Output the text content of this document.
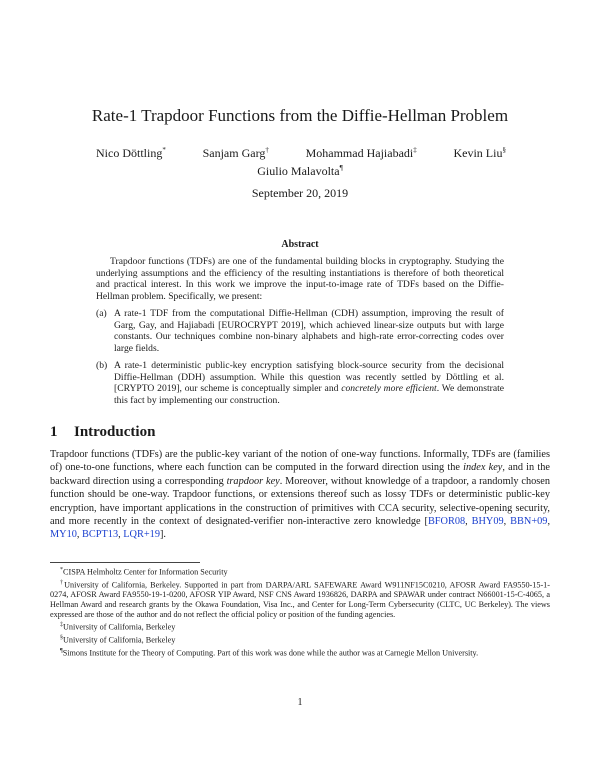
Rate-1 Trapdoor Functions from the Diffie-Hellman Problem
Nico Döttling*	Sanjam Garg†	Mohammad Hajiabadi‡	Kevin Liu§
Giulio Malavolta¶
September 20, 2019
Abstract

Trapdoor functions (TDFs) are one of the fundamental building blocks in cryptography. Studying the underlying assumptions and the efficiency of the resulting instantiations is therefore of both theoretical and practical interest. In this work we improve the input-to-image rate of TDFs based on the Diffie-Hellman problem. Specifically, we present:

(a) A rate-1 TDF from the computational Diffie-Hellman (CDH) assumption, improving the result of Garg, Gay, and Hajiabadi [EUROCRYPT 2019], which achieved linear-size outputs but with large constants. Our techniques combine non-binary alphabets and high-rate error-correcting codes over large fields.
(b) A rate-1 deterministic public-key encryption satisfying block-source security from the decisional Diffie-Hellman (DDH) assumption. While this question was recently settled by Döttling et al. [CRYPTO 2019], our scheme is conceptually simpler and concretely more efficient. We demonstrate this fact by implementing our construction.
1 Introduction

Trapdoor functions (TDFs) are the public-key variant of the notion of one-way functions. Informally, TDFs are (families of) one-to-one functions, where each function can be computed in the forward direction using the index key, and in the backward direction using a corresponding trapdoor key. Moreover, without knowledge of a trapdoor, a randomly chosen function should be one-way. Trapdoor functions, or extensions thereof such as lossy TDFs or deterministic public-key encryption, have important applications in the construction of primitives with CCA security, selective-opening security, and more recently in the context of designated-verifier non-interactive zero knowledge [BFOR08, BHY09, BBN+09, MY10, BCPT13, LQR+19].

*CISPA Helmholtz Center for Information Security
†University of California, Berkeley. Supported in part from DARPA/ARL SAFEWARE Award W911NF15C0210, AFOSR Award FA9550-15-1-0274, AFOSR Award FA9550-19-1-0200, AFOSR YIP Award, NSF CNS Award 1936826, DARPA and SPAWAR under contract N66001-15-C-4065, a Hellman Award and research grants by the Okawa Foundation, Visa Inc., and Center for Long-Term Cybersecurity (CLTC, UC Berkeley). The views expressed are those of the author and do not reflect the official policy or position of the funding agencies.
‡University of California, Berkeley
§University of California, Berkeley
¶Simons Institute for the Theory of Computing. Part of this work was done while the author was at Carnegie Mellon University.
1
